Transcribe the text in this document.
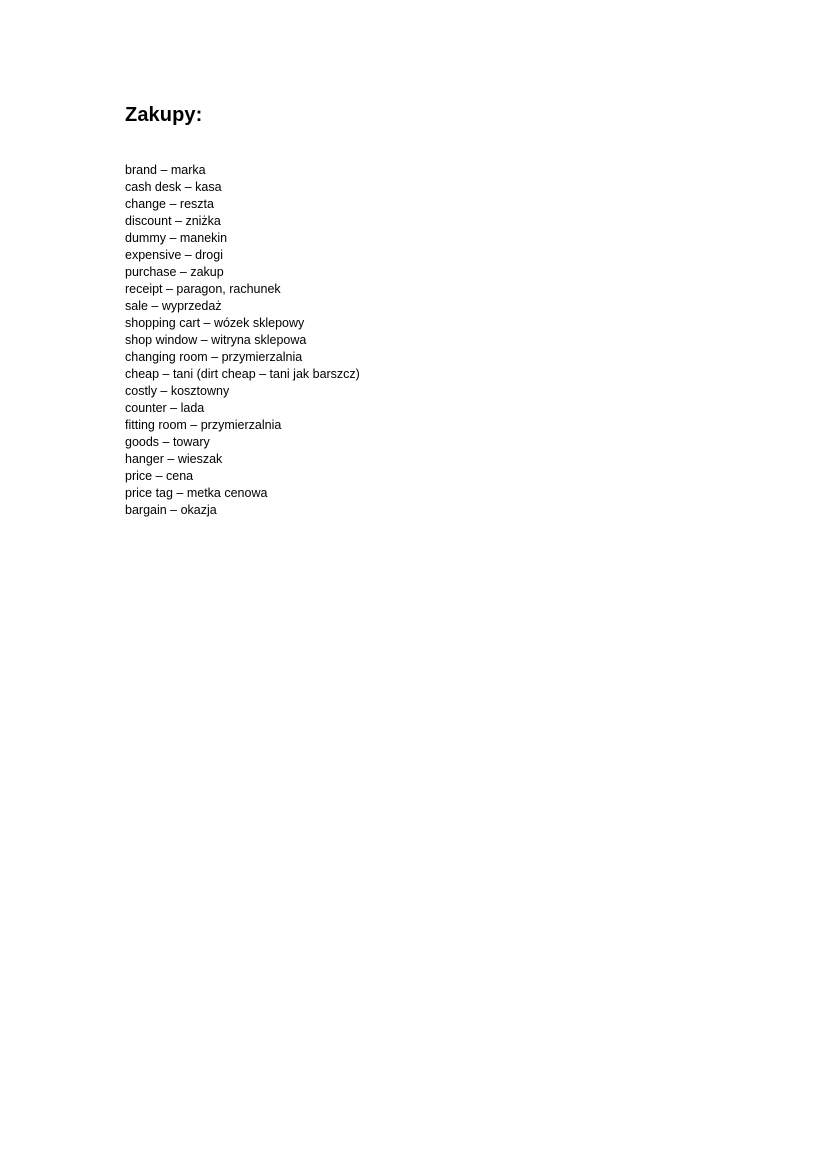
Zakupy:
brand – marka
cash desk – kasa
change – reszta
discount – zniżka
dummy – manekin
expensive – drogi
purchase – zakup
receipt – paragon, rachunek
sale – wyprzedaż
shopping cart – wózek sklepowy
shop window – witryna sklepowa
changing room – przymierzalnia
cheap – tani (dirt cheap – tani jak barszcz)
costly – kosztowny
counter – lada
fitting room – przymierzalnia
goods – towary
hanger – wieszak
price – cena
price tag – metka cenowa
bargain – okazja
